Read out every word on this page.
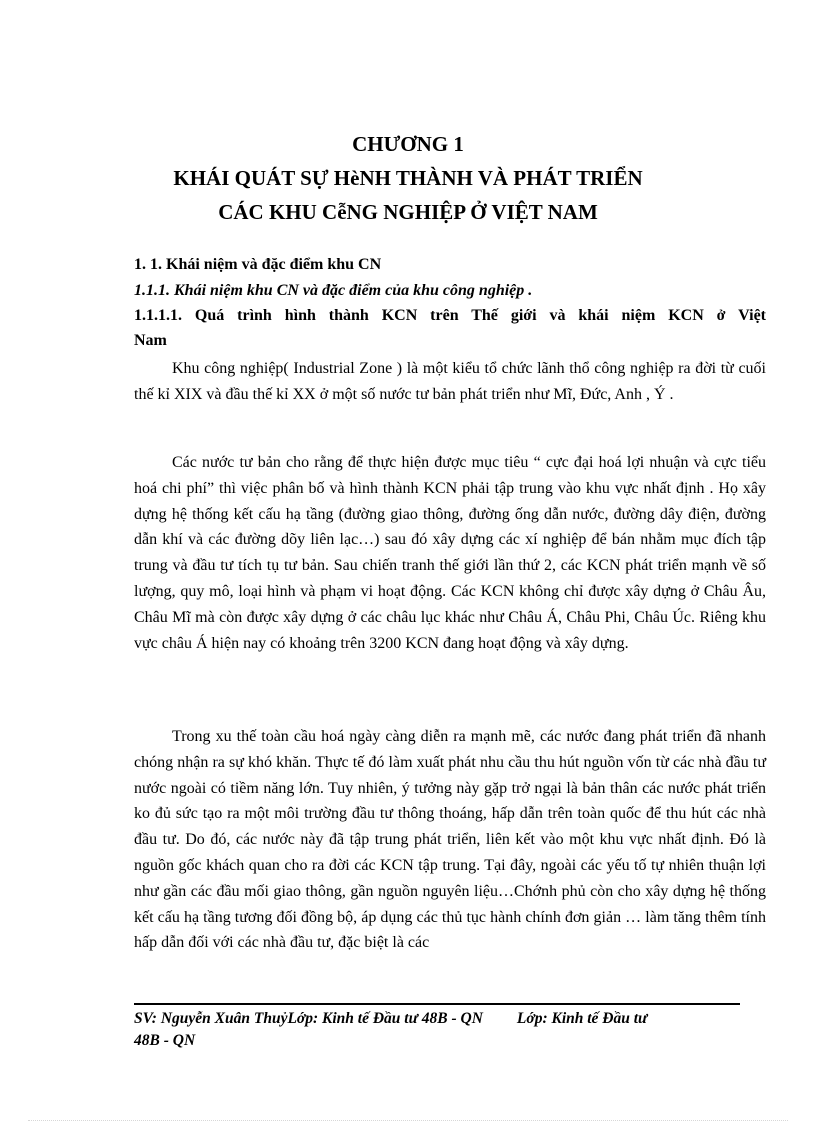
CHƯƠNG 1
KHÁI QUÁT SỰ HèNH THÀNH VÀ PHÁT TRIỂN
CÁC KHU CễNG NGHIỆP Ở VIỆT NAM
1. 1. Khái niệm và đặc điểm khu CN
1.1.1. Khái niệm khu CN và đặc điểm của khu công nghiệp .
1.1.1.1. Quá trình hình thành KCN trên Thế giới và khái niệm KCN ở Việt
Nam
Khu công nghiệp( Industrial Zone ) là một kiểu tổ chức lãnh thổ công nghiệp ra đời từ cuối thế kỉ XIX và đầu thế kỉ XX ở một số nước tư bản phát triển như Mĩ, Đức, Anh , Ý .
Các nước tư bản cho rằng để thực hiện được mục tiêu “ cực đại hoá lợi nhuận và cực tiểu hoá chi phí” thì việc phân bố và hình thành KCN phải tập trung vào khu vực nhất định . Họ xây dựng hệ thống kết cấu hạ tầng (đường giao thông, đường ống dẫn nước, đường dây điện, đường dẫn khí và các đường dõy liên lạc…) sau đó xây dựng các xí nghiệp để bán nhằm mục đích tập trung và đầu tư tích tụ tư bản. Sau chiến tranh thế giới lần thứ 2, các KCN phát triển mạnh về số lượng, quy mô, loại hình và phạm vi hoạt động. Các KCN không chỉ được xây dựng ở Châu Âu, Châu Mĩ mà còn được xây dựng ở các châu lục khác như Châu Á, Châu Phi, Châu Úc. Riêng khu vực châu Á hiện nay có khoảng trên 3200 KCN đang hoạt động và xây dựng.
Trong xu thế toàn cầu hoá ngày càng diễn ra mạnh mẽ, các nước đang phát triển đã nhanh chóng nhận ra sự khó khăn. Thực tế đó làm xuất phát nhu cầu thu hút nguồn vốn từ các nhà đầu tư nước ngoài có tiềm năng lớn. Tuy nhiên, ý tưởng này gặp trở ngại là bản thân các nước phát triển ko đủ sức tạo ra một môi trường đầu tư thông thoáng, hấp dẫn trên toàn quốc để thu hút các nhà đầu tư. Do đó, các nước này đã tập trung phát triển, liên kết vào một khu vực nhất định. Đó là nguồn gốc khách quan cho ra đời các KCN tập trung. Tại đây, ngoài các yếu tố tự nhiên thuận lợi như gần các đầu mối giao thông, gần nguồn nguyên liệu…Chớnh phủ còn cho xây dựng hệ thống kết cấu hạ tầng tương đối đồng bộ, áp dụng các thủ tục hành chính đơn giản … làm tăng thêm tính hấp dẫn đối với các nhà đầu tư, đặc biệt là các
SV: Nguyễn Xuân ThuỷLớp: Kinh tế Đầu tư 48B - QN Lớp: Kinh tế Đầu tư
48B - QN
